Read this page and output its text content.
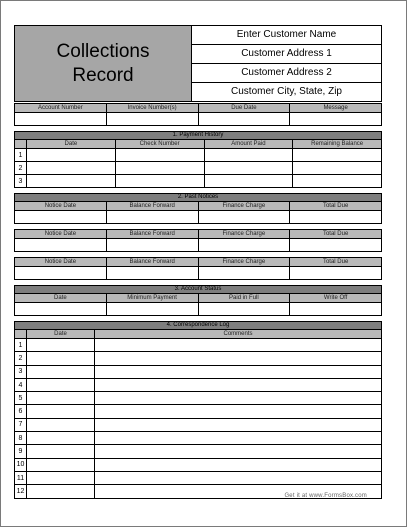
Collections
Record

Enter Customer Name
Customer Address 1
Customer Address 2
Customer City, State, Zip
Account Number	Invoice Number(s)	Due Date	Message

1. Payment History				
	Date	Check Number	Amount Paid	Remaining Balance
1				
2				
3				
2. Past Notices			
Notice Date	Balance Forward	Finance Charge	Total Due

Notice Date	Balance Forward	Finance Charge	Total Due

Notice Date	Balance Forward	Finance Charge	Total Due

3. Account Status			
Date	Minimum Payment	Paid in Full	Write Off

4. Correspondence Log		
	Date	Comments
1		
2		
3		
4		
5		
6		
7		
8		
9		
10		
11		
12		
Get it at www.FormsBox.com
